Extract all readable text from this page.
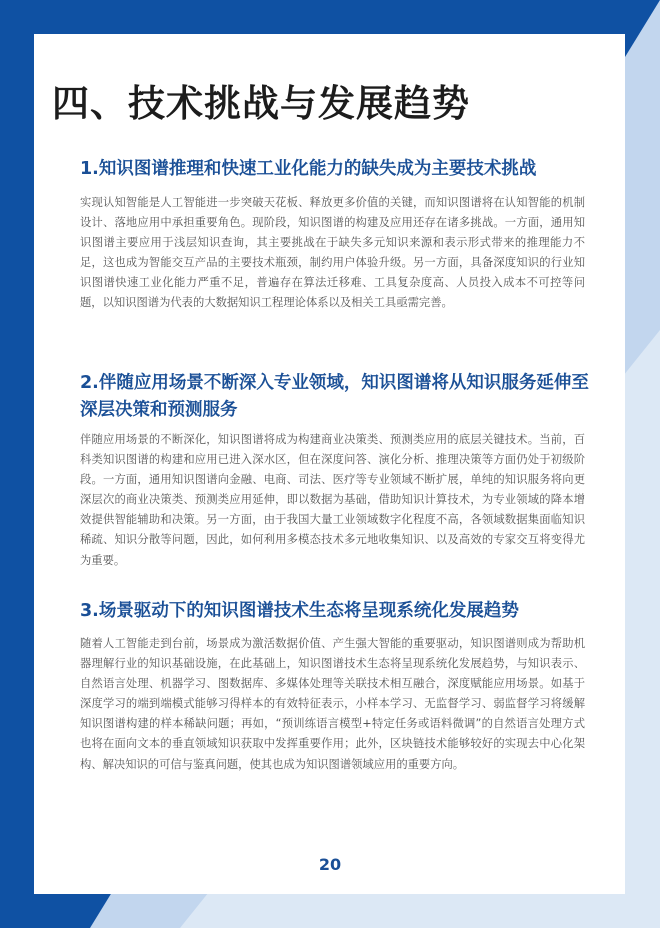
四、技术挑战与发展趋势
1.知识图谱推理和快速工业化能力的缺失成为主要技术挑战

实现认知智能是人工智能进一步突破天花板、释放更多价值的关键，而知识图谱将在认知智能的机制设计、落地应用中承担重要角色。现阶段，知识图谱的构建及应用还存在诸多挑战。一方面，通用知识图谱主要应用于浅层知识查询，其主要挑战在于缺失多元知识来源和表示形式带来的推理能力不足，这也成为智能交互产品的主要技术瓶颈，制约用户体验升级。另一方面，具备深度知识的行业知识图谱快速工业化能力严重不足，普遍存在算法迁移难、工具复杂度高、人员投入成本不可控等问题，以知识图谱为代表的大数据知识工程理论体系以及相关工具亟需完善。

2.伴随应用场景不断深入专业领域，知识图谱将从知识服务延伸至深层决策和预测服务

伴随应用场景的不断深化，知识图谱将成为构建商业决策类、预测类应用的底层关键技术。当前，百科类知识图谱的构建和应用已进入深水区，但在深度问答、演化分析、推理决策等方面仍处于初级阶段。一方面，通用知识图谱向金融、电商、司法、医疗等专业领域不断扩展，单纯的知识服务将向更深层次的商业决策类、预测类应用延伸，即以数据为基础，借助知识计算技术，为专业领域的降本增效提供智能辅助和决策。另一方面，由于我国大量工业领域数字化程度不高，各领域数据集面临知识稀疏、知识分散等问题，因此，如何利用多模态技术多元地收集知识、以及高效的专家交互将变得尤为重要。

3.场景驱动下的知识图谱技术生态将呈现系统化发展趋势

随着人工智能走到台前，场景成为激活数据价值、产生强大智能的重要驱动，知识图谱则成为帮助机器理解行业的知识基础设施，在此基础上，知识图谱技术生态将呈现系统化发展趋势，与知识表示、自然语言处理、机器学习、图数据库、多媒体处理等关联技术相互融合，深度赋能应用场景。如基于深度学习的端到端模式能够习得样本的有效特征表示，小样本学习、无监督学习、弱监督学习将缓解知识图谱构建的样本稀缺问题；再如，“预训练语言模型+特定任务或语料微调”的自然语言处理方式也将在面向文本的垂直领域知识获取中发挥重要作用；此外，区块链技术能够较好的实现去中心化架构、解决知识的可信与鉴真问题，使其也成为知识图谱领域应用的重要方向。

20
